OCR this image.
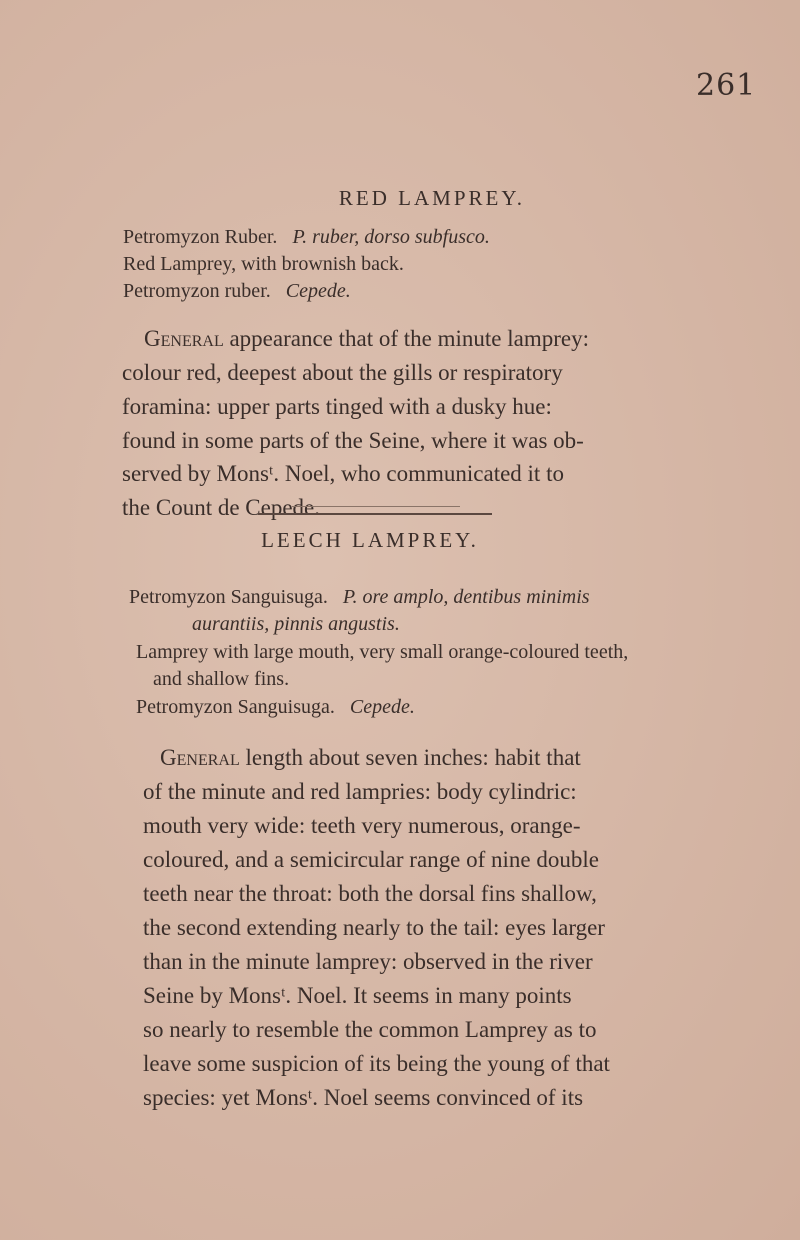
261
RED LAMPREY.
Petromyzon Ruber. P. ruber, dorso subfusco.
Red Lamprey, with brownish back.
Petromyzon ruber. Cepede.
General appearance that of the minute lamprey:
colour red, deepest about the gills or respiratory
foramina: upper parts tinged with a dusky hue:
found in some parts of the Seine, where it was ob-
served by Monsᵗ. Noel, who communicated it to
the Count de Cepede.
LEECH LAMPREY.
Petromyzon Sanguisuga. P. ore amplo, dentibus minimis
aurantiis, pinnis angustis.
Lamprey with large mouth, very small orange-coloured teeth,
and shallow fins.
Petromyzon Sanguisuga. Cepede.
General length about seven inches: habit that
of the minute and red lampries: body cylindric:
mouth very wide: teeth very numerous, orange-
coloured, and a semicircular range of nine double
teeth near the throat: both the dorsal fins shallow,
the second extending nearly to the tail: eyes larger
than in the minute lamprey: observed in the river
Seine by Monsᵗ. Noel. It seems in many points
so nearly to resemble the common Lamprey as to
leave some suspicion of its being the young of that
species: yet Monsᵗ. Noel seems convinced of its
